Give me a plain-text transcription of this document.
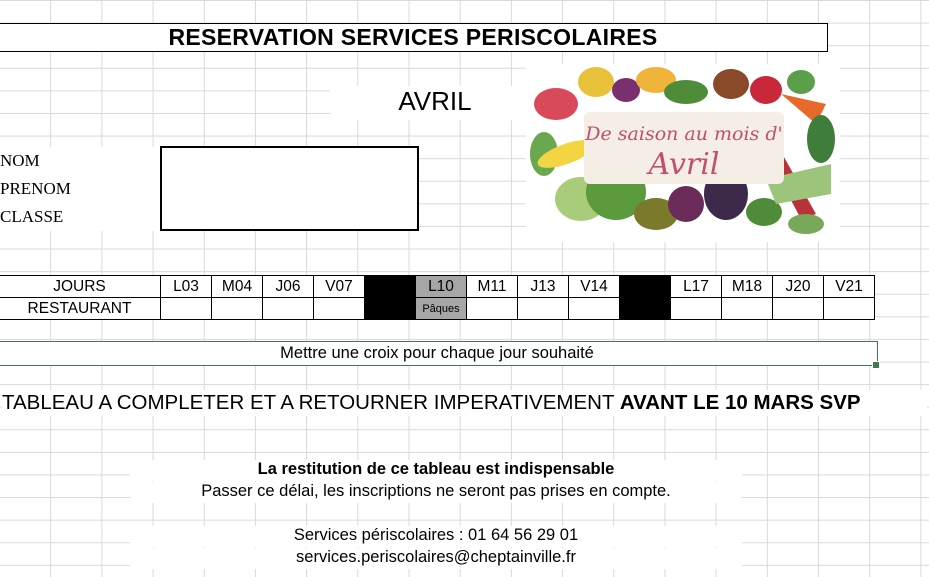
RESERVATION SERVICES PERISCOLAIRES
AVRIL
NOM
PRENOM
CLASSE
De saison au mois d'
Avril
JOURS	L03	M04	J06	V07		L10	M11	J13	V14		L17	M18	J20	V21
RESTAURANT						Pâques								
Mettre une croix pour chaque jour souhaité
TABLEAU A COMPLETER ET A RETOURNER IMPERATIVEMENT AVANT LE 10 MARS SVP
La restitution de ce tableau est indispensable
Passer ce délai, les inscriptions ne seront pas prises en compte.
Services périscolaires : 01 64 56 29 01
services.periscolaires@cheptainville.fr
